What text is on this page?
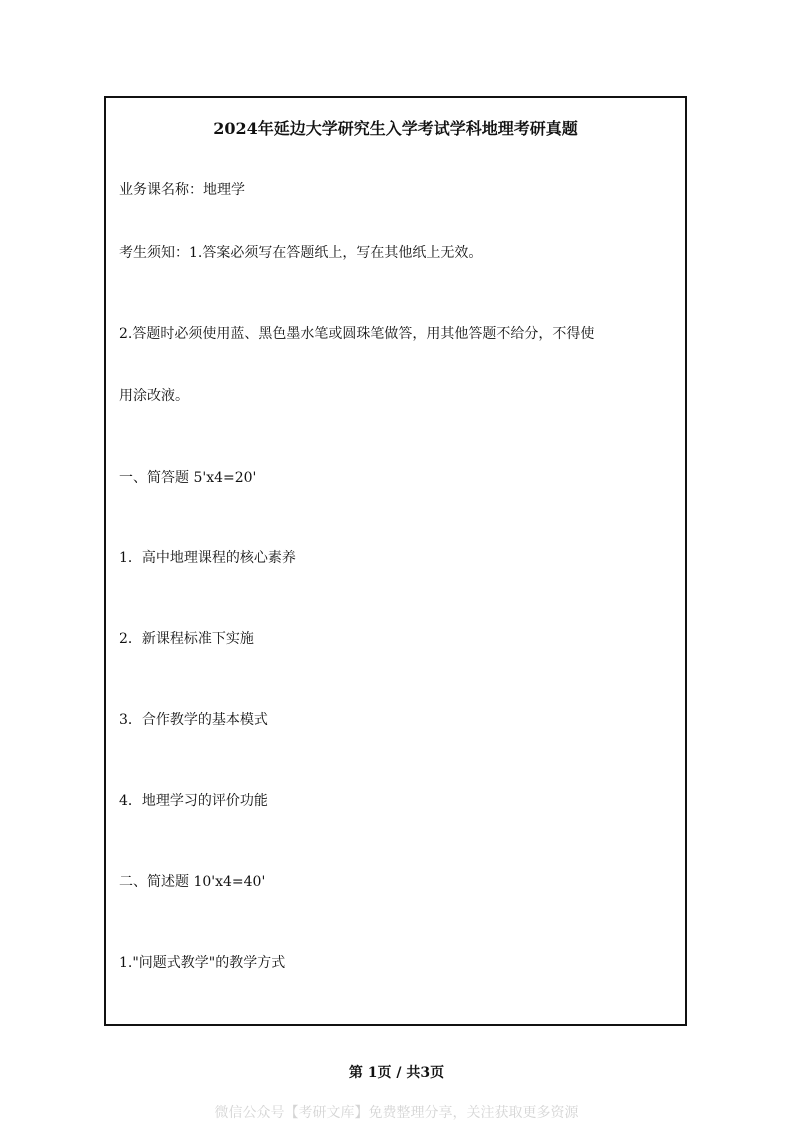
2024年延边大学研究生入学考试学科地理考研真题
业务课名称：地理学
考生须知：1.答案必须写在答题纸上，写在其他纸上无效。
2.答题时必须使用蓝、黑色墨水笔或圆珠笔做答，用其他答题不给分，不得使
用涂改液。
一、简答题 5'x4=20'
1．高中地理课程的核心素养
2．新课程标准下实施
3．合作教学的基本模式
4．地理学习的评价功能
二、简述题 10'x4=40'
1."问题式教学"的教学方式
第 1页 / 共3页
微信公众号【考研文库】免费整理分享，关注获取更多资源
